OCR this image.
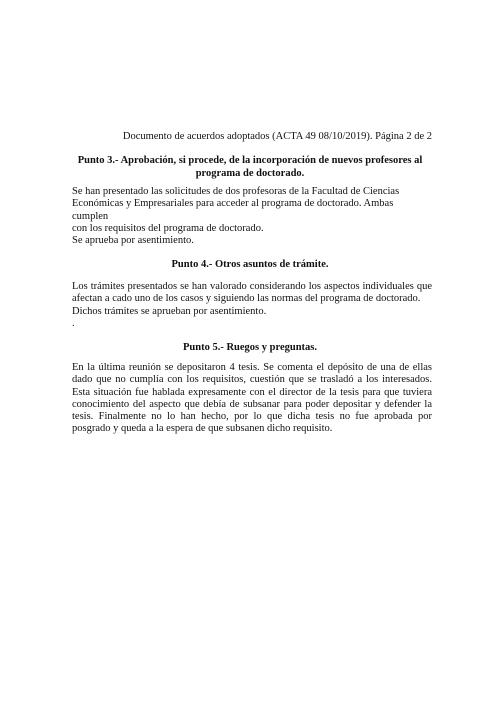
Documento de acuerdos adoptados (ACTA 49 08/10/2019). Página 2 de 2
Punto 3.- Aprobación, si procede, de la incorporación de nuevos profesores al programa de doctorado.

Se han presentado las solicitudes de dos profesoras de la Facultad de Ciencias

Económicas y Empresariales para acceder al programa de doctorado. Ambas cumplen

con los requisitos del programa de doctorado.

Se aprueba por asentimiento.

Punto 4.- Otros asuntos de trámite.

Los trámites presentados se han valorado considerando los aspectos individuales que afectan a cado uno de los casos y siguiendo las normas del programa de doctorado.

Dichos trámites se aprueban por asentimiento.

.

Punto 5.- Ruegos y preguntas.

En la última reunión se depositaron 4 tesis. Se comenta el depósito de una de ellas dado que no cumplía con los requisitos, cuestión que se trasladó a los interesados. Esta situación fue hablada expresamente con el director de la tesis para que tuviera conocimiento del aspecto que debía de subsanar para poder depositar y defender la tesis. Finalmente no lo han hecho, por lo que dicha tesis no fue aprobada por posgrado y queda a la espera de que subsanen dicho requisito.
